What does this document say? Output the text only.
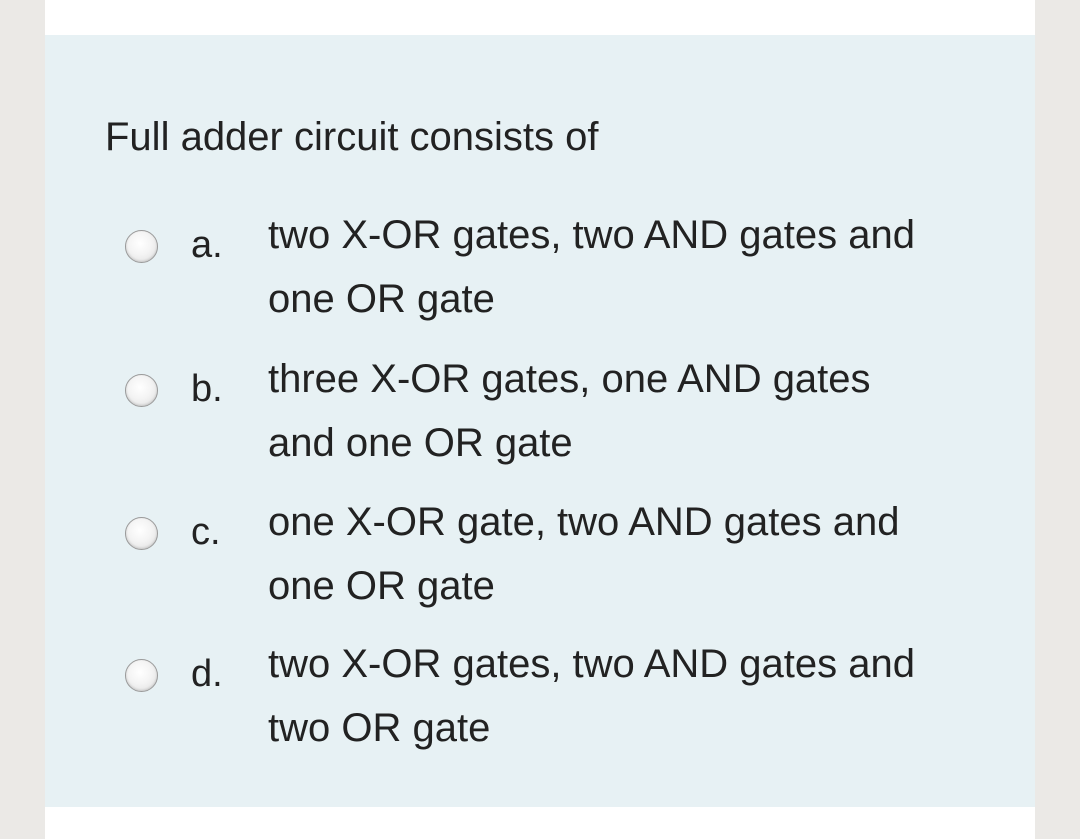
Full adder circuit consists of
a. two X-OR gates, two AND gates and
one OR gate
b. three X-OR gates, one AND gates
and one OR gate
c. one X-OR gate, two AND gates and
one OR gate
d. two X-OR gates, two AND gates and
two OR gate
